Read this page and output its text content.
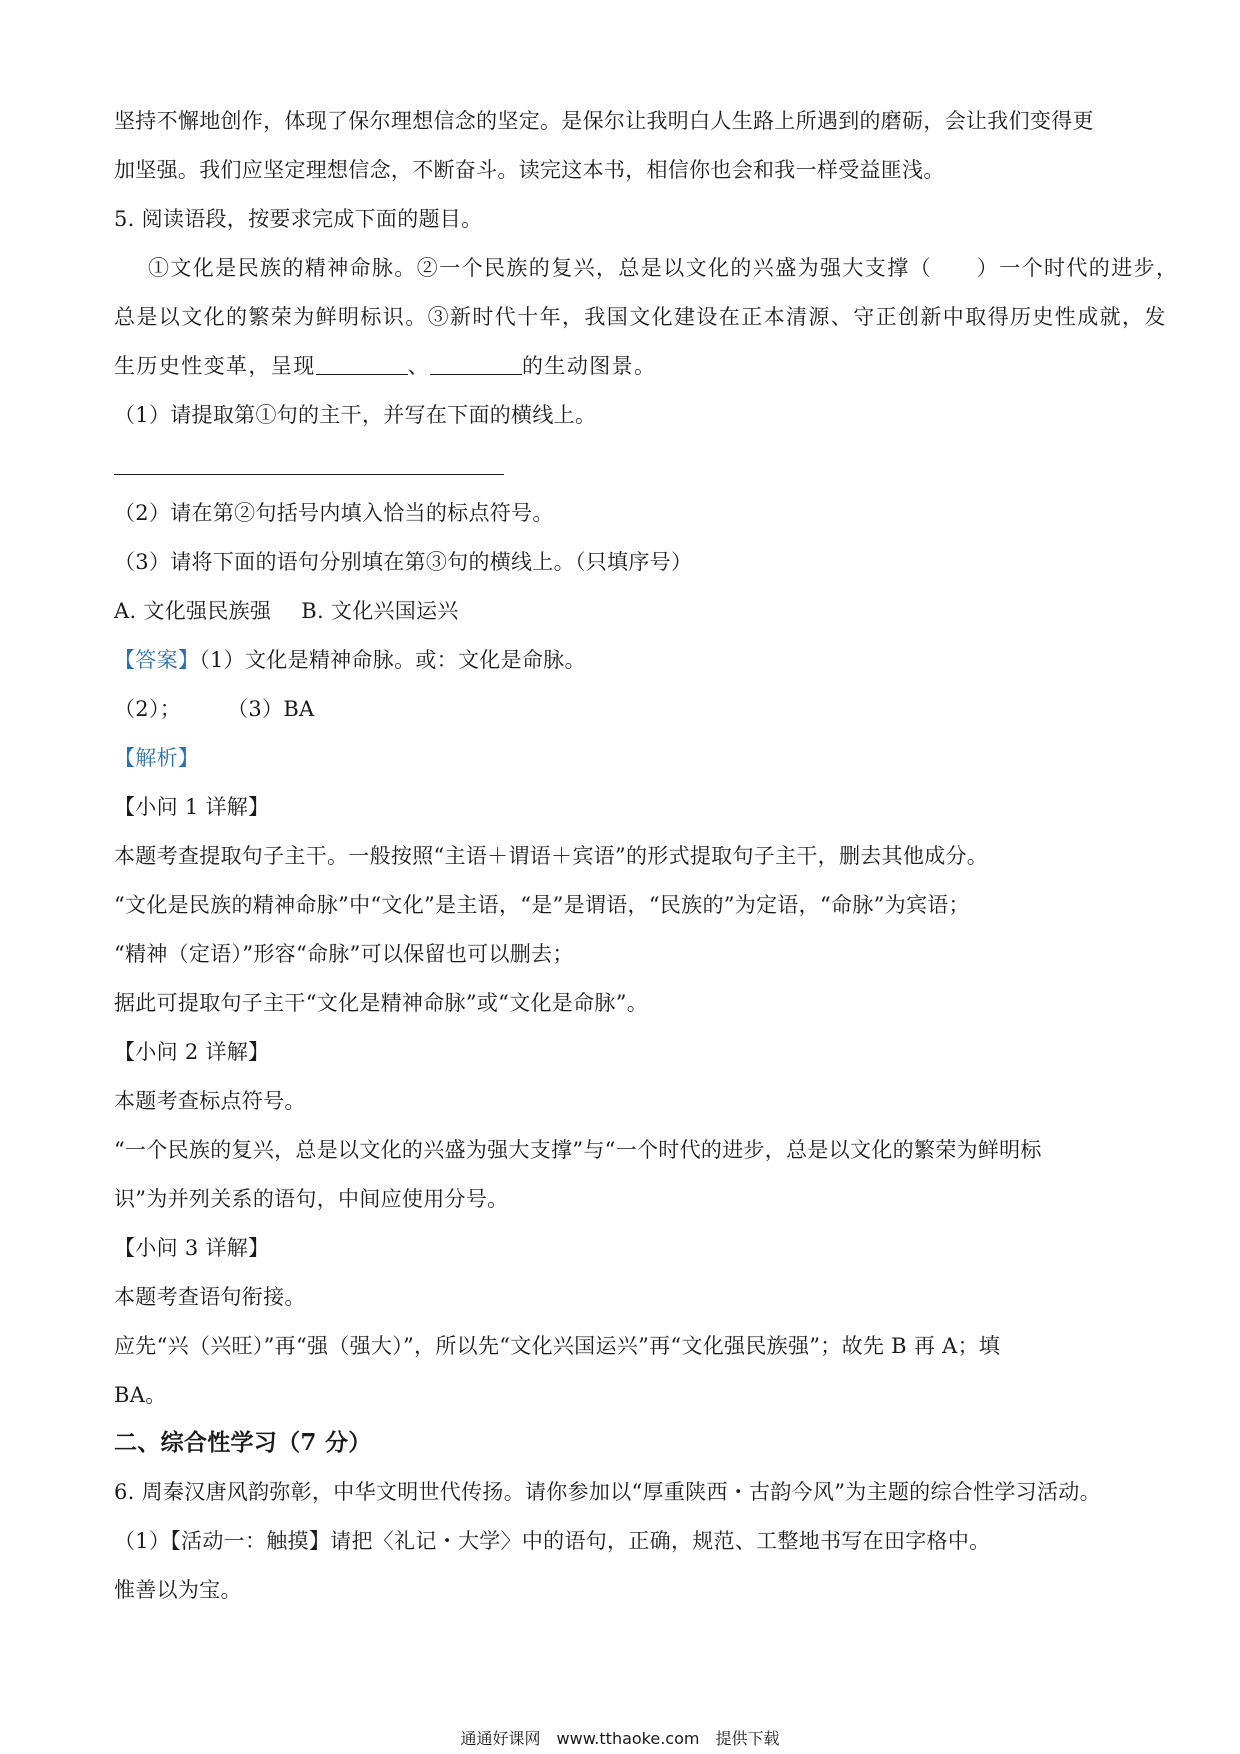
坚持不懈地创作，体现了保尔理想信念的坚定。是保尔让我明白人生路上所遇到的磨砺，会让我们变得更
加坚强。我们应坚定理想信念，不断奋斗。读完这本书，相信你也会和我一样受益匪浅。
5. 阅读语段，按要求完成下面的题目。
①文化是民族的精神命脉。②一个民族的复兴，总是以文化的兴盛为强大支撑（　　）一个时代的进步，
总是以文化的繁荣为鲜明标识。③新时代十年，我国文化建设在正本清源、守正创新中取得历史性成就，发
生历史性变革，呈现	、	的生动图景。
（1）请提取第①句的主干，并写在下面的横线上。
（2）请在第②句括号内填入恰当的标点符号。
（3）请将下面的语句分别填在第③句的横线上。（只填序号）
A. 文化强民族强 B. 文化兴国运兴
【答案】（1）文化是精神命脉。或：文化是命脉。
（2）； （3）BA
【解析】
【小问 1 详解】
本题考查提取句子主干。一般按照“主语＋谓语＋宾语”的形式提取句子主干，删去其他成分。
“文化是民族的精神命脉”中“文化”是主语，“是”是谓语，“民族的”为定语，“命脉”为宾语；
“精神（定语）”形容“命脉”可以保留也可以删去；
据此可提取句子主干“文化是精神命脉”或“文化是命脉”。
【小问 2 详解】
本题考查标点符号。
“一个民族的复兴，总是以文化的兴盛为强大支撑”与“一个时代的进步，总是以文化的繁荣为鲜明标
识”为并列关系的语句，中间应使用分号。
【小问 3 详解】
本题考查语句衔接。
应先“兴（兴旺）”再“强（强大）”，所以先“文化兴国运兴”再“文化强民族强”；故先 B 再 A；填
BA。
二、综合性学习（7 分）
6. 周秦汉唐风韵弥彰，中华文明世代传扬。请你参加以“厚重陕西・古韵今风”为主题的综合性学习活动。
（1）【活动一：触摸】请把〈礼记・大学〉中的语句，正确，规范、工整地书写在田字格中。
惟善以为宝。
通通好课网　www.tthaoke.com　提供下载
